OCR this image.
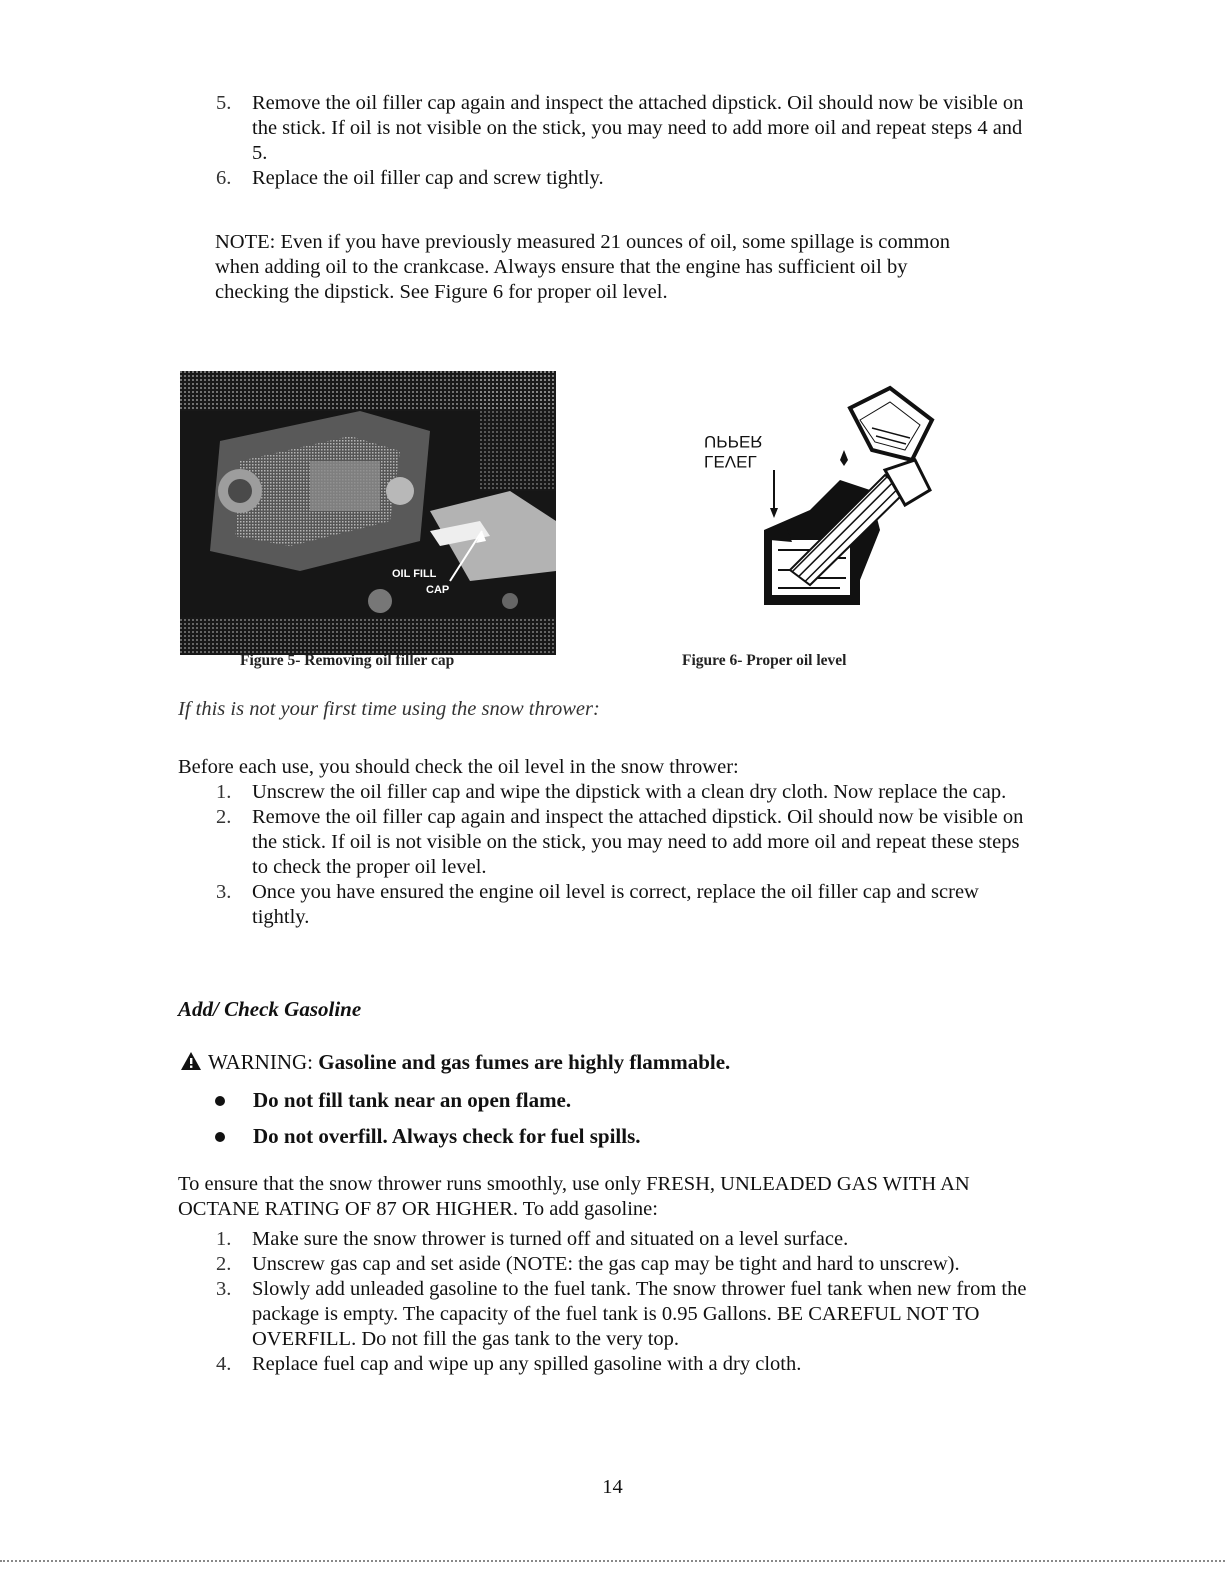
5. Remove the oil filler cap again and inspect the attached dipstick. Oil should now be visible on the stick. If oil is not visible on the stick, you may need to add more oil and repeat steps 4 and 5.
6. Replace the oil filler cap and screw tightly.
NOTE: Even if you have previously measured 21 ounces of oil, some spillage is common when adding oil to the crankcase. Always ensure that the engine has sufficient oil by checking the dipstick. See Figure 6 for proper oil level.
OIL FILL
CAP
Figure 5- Removing oil filler cap
UPPER
LEVEL
Figure 6- Proper oil level
If this is not your first time using the snow thrower:
Before each use, you should check the oil level in the snow thrower:
1. Unscrew the oil filler cap and wipe the dipstick with a clean dry cloth. Now replace the cap.
2. Remove the oil filler cap again and inspect the attached dipstick. Oil should now be visible on the stick. If oil is not visible on the stick, you may need to add more oil and repeat these steps to check the proper oil level.
3. Once you have ensured the engine oil level is correct, replace the oil filler cap and screw tightly.
Add/ Check Gasoline
WARNING: Gasoline and gas fumes are highly flammable.
Do not fill tank near an open flame.
Do not overfill. Always check for fuel spills.
To ensure that the snow thrower runs smoothly, use only FRESH, UNLEADED GAS WITH AN OCTANE RATING OF 87 OR HIGHER. To add gasoline:
1. Make sure the snow thrower is turned off and situated on a level surface.
2. Unscrew gas cap and set aside (NOTE: the gas cap may be tight and hard to unscrew).
3. Slowly add unleaded gasoline to the fuel tank. The snow thrower fuel tank when new from the package is empty. The capacity of the fuel tank is 0.95 Gallons. BE CAREFUL NOT TO OVERFILL. Do not fill the gas tank to the very top.
4. Replace fuel cap and wipe up any spilled gasoline with a dry cloth.
14
